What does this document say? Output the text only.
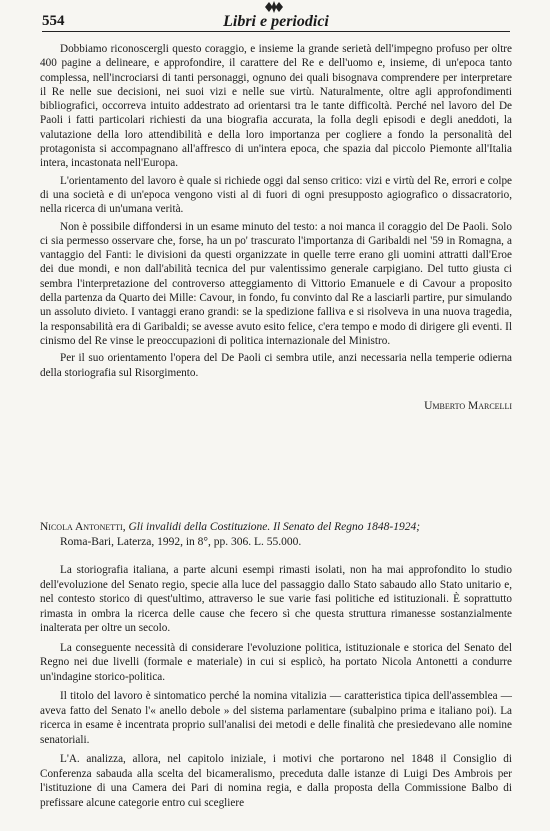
554	Libri e periodici

Dobbiamo riconoscergli questo coraggio, e insieme la grande serietà dell'impegno profuso per oltre 400 pagine a delineare, e approfondire, il carattere del Re e dell'uomo e, insieme, di un'epoca tanto complessa, nell'incrociarsi di tanti personaggi, ognuno dei quali bisognava comprendere per interpretare il Re nelle sue decisioni, nei suoi vizi e nelle sue virtù. Naturalmente, oltre agli approfondimenti bibliografici, occorreva intuito addestrato ad orientarsi tra le tante difficoltà. Perché nel lavoro del De Paoli i fatti particolari richiesti da una biografia accurata, la folla degli episodi e degli aneddoti, la valutazione della loro attendibilità e della loro importanza per cogliere a fondo la personalità del protagonista si accompagnano all'affresco di un'intera epoca, che spazia dal piccolo Piemonte all'Italia intera, incastonata nell'Europa.

L'orientamento del lavoro è quale si richiede oggi dal senso critico: vizi e virtù del Re, errori e colpe di una società e di un'epoca vengono visti al di fuori di ogni presupposto agiografico o dissacratorio, nella ricerca di un'umana verità.

Non è possibile diffondersi in un esame minuto del testo: a noi manca il coraggio del De Paoli. Solo ci sia permesso osservare che, forse, ha un po' trascurato l'importanza di Garibaldi nel '59 in Romagna, a vantaggio del Fanti: le divisioni da questi organizzate in quelle terre erano gli uomini attratti dall'Eroe dei due mondi, e non dall'abilità tecnica del pur valentissimo generale carpigiano. Del tutto giusta ci sembra l'interpretazione del controverso atteggiamento di Vittorio Emanuele e di Cavour a proposito della partenza da Quarto dei Mille: Cavour, in fondo, fu convinto dal Re a lasciarli partire, pur simulando un assoluto divieto. I vantaggi erano grandi: se la spedizione falliva e si risolveva in una nuova tragedia, la responsabilità era di Garibaldi; se avesse avuto esito felice, c'era tempo e modo di dirigere gli eventi. Il cinismo del Re vinse le preoccupazioni di politica internazionale del Ministro.

Per il suo orientamento l'opera del De Paoli ci sembra utile, anzi necessaria nella temperie odierna della storiografia sul Risorgimento.

Umberto Marcelli
Nicola Antonetti, Gli invalidi della Costituzione. Il Senato del Regno 1848-1924;
Roma-Bari, Laterza, 1992, in 8°, pp. 306. L. 55.000.

La storiografia italiana, a parte alcuni esempi rimasti isolati, non ha mai approfondito lo studio dell'evoluzione del Senato regio, specie alla luce del passaggio dallo Stato sabaudo allo Stato unitario e, nel contesto storico di quest'ultimo, attraverso le sue varie fasi politiche ed istituzionali. È soprattutto rimasta in ombra la ricerca delle cause che fecero sì che questa struttura rimanesse sostanzialmente inalterata per oltre un secolo.

La conseguente necessità di considerare l'evoluzione politica, istituzionale e storica del Senato del Regno nei due livelli (formale e materiale) in cui si esplicò, ha portato Nicola Antonetti a condurre un'indagine storico-politica.

Il titolo del lavoro è sintomatico perché la nomina vitalizia — caratteristica tipica dell'assemblea — aveva fatto del Senato l'« anello debole » del sistema parlamentare (subalpino prima e italiano poi). La ricerca in esame è incentrata proprio sull'analisi dei metodi e delle finalità che presiedevano alle nomine senatoriali.

L'A. analizza, allora, nel capitolo iniziale, i motivi che portarono nel 1848 il Consiglio di Conferenza sabauda alla scelta del bicameralismo, preceduta dalle istanze di Luigi Des Ambrois per l'istituzione di una Camera dei Pari di nomina regia, e dalla proposta della Commissione Balbo di prefissare alcune categorie entro cui scegliere
